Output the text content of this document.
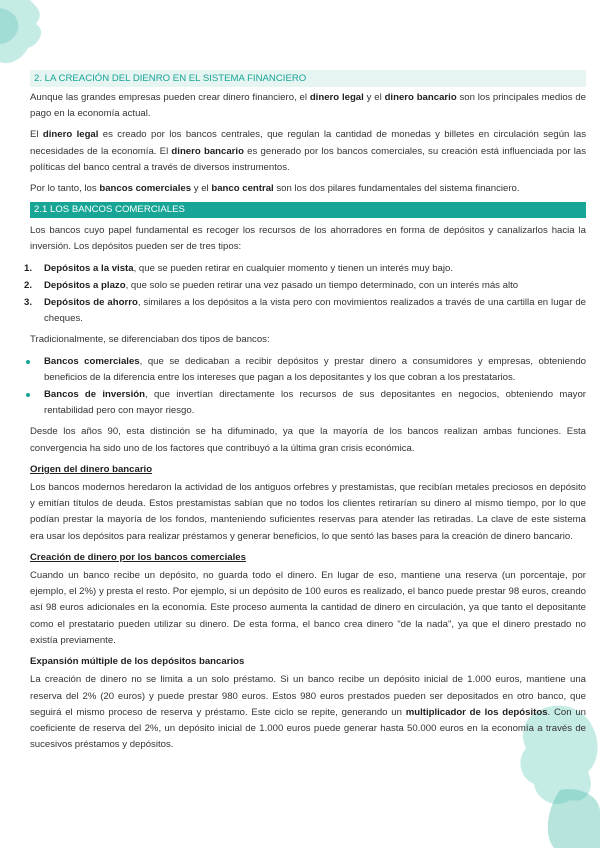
2. LA CREACIÓN DEL DIENRO EN EL SISTEMA FINANCIERO

Aunque las grandes empresas pueden crear dinero financiero, el dinero legal y el dinero bancario son los principales medios de pago en la economía actual.

El dinero legal es creado por los bancos centrales, que regulan la cantidad de monedas y billetes en circulación según las necesidades de la economía. El dinero bancario es generado por los bancos comerciales, su creación está influenciada por las políticas del banco central a través de diversos instrumentos.

Por lo tanto, los bancos comerciales y el banco central son los dos pilares fundamentales del sistema financiero.

2.1 LOS BANCOS COMERCIALES

Los bancos cuyo papel fundamental es recoger los recursos de los ahorradores en forma de depósitos y canalizarlos hacia la inversión. Los depósitos pueden ser de tres tipos:

1. Depósitos a la vista, que se pueden retirar en cualquier momento y tienen un interés muy bajo.
2. Depósitos a plazo, que solo se pueden retirar una vez pasado un tiempo determinado, con un interés más alto
3. Depósitos de ahorro, similares a los depósitos a la vista pero con movimientos realizados a través de una cartilla en lugar de cheques.

Tradicionalmente, se diferenciaban dos tipos de bancos:

Bancos comerciales, que se dedicaban a recibir depósitos y prestar dinero a consumidores y empresas, obteniendo beneficios de la diferencia entre los intereses que pagan a los depositantes y los que cobran a los prestatarios.
Bancos de inversión, que invertían directamente los recursos de sus depositantes en negocios, obteniendo mayor rentabilidad pero con mayor riesgo.

Desde los años 90, esta distinción se ha difuminado, ya que la mayoría de los bancos realizan ambas funciones. Esta convergencia ha sido uno de los factores que contribuyó a la última gran crisis económica.

Origen del dinero bancario

Los bancos modernos heredaron la actividad de los antiguos orfebres y prestamistas, que recibían metales preciosos en depósito y emitían títulos de deuda. Estos prestamistas sabían que no todos los clientes retirarían su dinero al mismo tiempo, por lo que podían prestar la mayoría de los fondos, manteniendo suficientes reservas para atender las retiradas. La clave de este sistema era usar los depósitos para realizar préstamos y generar beneficios, lo que sentó las bases para la creación de dinero bancario.

Creación de dinero por los bancos comerciales

Cuando un banco recibe un depósito, no guarda todo el dinero. En lugar de eso, mantiene una reserva (un porcentaje, por ejemplo, el 2%) y presta el resto. Por ejemplo, si un depósito de 100 euros es realizado, el banco puede prestar 98 euros, creando así 98 euros adicionales en la economía. Este proceso aumenta la cantidad de dinero en circulación, ya que tanto el depositante como el prestatario pueden utilizar su dinero. De esta forma, el banco crea dinero "de la nada", ya que el dinero prestado no existía previamente.

Expansión múltiple de los depósitos bancarios

La creación de dinero no se limita a un solo préstamo. Si un banco recibe un depósito inicial de 1.000 euros, mantiene una reserva del 2% (20 euros) y puede prestar 980 euros. Estos 980 euros prestados pueden ser depositados en otro banco, que seguirá el mismo proceso de reserva y préstamo. Este ciclo se repite, generando un multiplicador de los depósitos. Con un coeficiente de reserva del 2%, un depósito inicial de 1.000 euros puede generar hasta 50.000 euros en la economía a través de sucesivos préstamos y depósitos.
